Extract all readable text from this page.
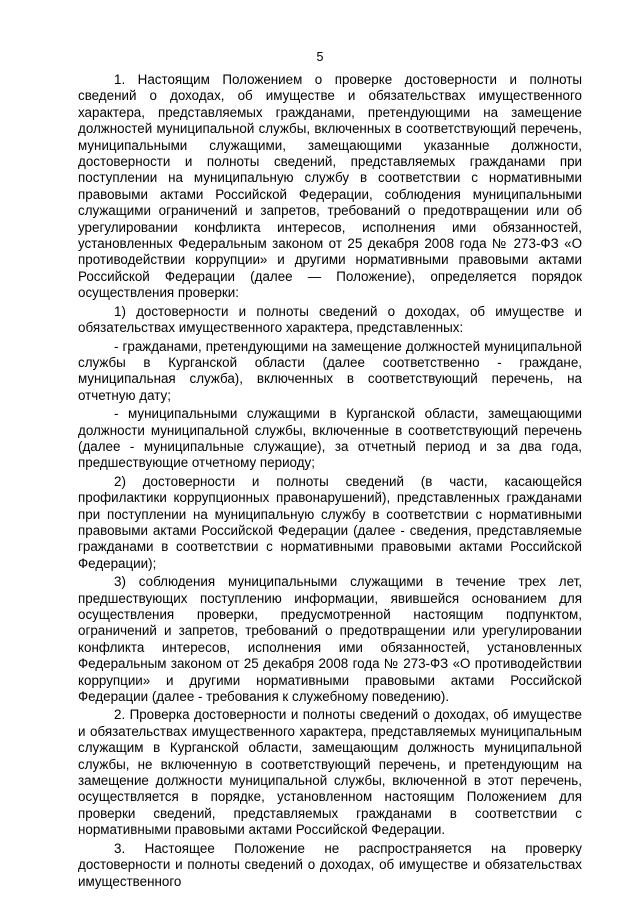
5

1. Настоящим Положением о проверке достоверности и полноты сведений о доходах, об имуществе и обязательствах имущественного характера, представляемых гражданами, претендующими на замещение должностей муниципальной службы, включенных в соответствующий перечень, муниципальными служащими, замещающими указанные должности, достоверности и полноты сведений, представляемых гражданами при поступлении на муниципальную службу в соответствии с нормативными правовыми актами Российской Федерации, соблюдения муниципальными служащими ограничений и запретов, требований о предотвращении или об урегулировании конфликта интересов, исполнения ими обязанностей, установленных Федеральным законом от 25 декабря 2008 года № 273-ФЗ «О противодействии коррупции» и другими нормативными правовыми актами Российской Федерации (далее — Положение), определяется порядок осуществления проверки:

1) достоверности и полноты сведений о доходах, об имуществе и обязательствах имущественного характера, представленных:

- гражданами, претендующими на замещение должностей муниципальной службы в Курганской области (далее соответственно - граждане, муниципальная служба), включенных в соответствующий перечень, на отчетную дату;

- муниципальными служащими в Курганской области, замещающими должности муниципальной службы, включенные в соответствующий перечень (далее - муниципальные служащие), за отчетный период и за два года, предшествующие отчетному периоду;

2) достоверности и полноты сведений (в части, касающейся профилактики коррупционных правонарушений), представленных гражданами при поступлении на муниципальную службу в соответствии с нормативными правовыми актами Российской Федерации (далее - сведения, представляемые гражданами в соответствии с нормативными правовыми актами Российской Федерации);

3) соблюдения муниципальными служащими в течение трех лет, предшествующих поступлению информации, явившейся основанием для осуществления проверки, предусмотренной настоящим подпунктом, ограничений и запретов, требований о предотвращении или урегулировании конфликта интересов, исполнения ими обязанностей, установленных Федеральным законом от 25 декабря 2008 года № 273-ФЗ «О противодействии коррупции» и другими нормативными правовыми актами Российской Федерации (далее - требования к служебному поведению).

2. Проверка достоверности и полноты сведений о доходах, об имуществе и обязательствах имущественного характера, представляемых муниципальным служащим в Курганской области, замещающим должность муниципальной службы, не включенную в соответствующий перечень, и претендующим на замещение должности муниципальной службы, включенной в этот перечень, осуществляется в порядке, установленном настоящим Положением для проверки сведений, представляемых гражданами в соответствии с нормативными правовыми актами Российской Федерации.

3. Настоящее Положение не распространяется на проверку достоверности и полноты сведений о доходах, об имуществе и обязательствах имущественного
